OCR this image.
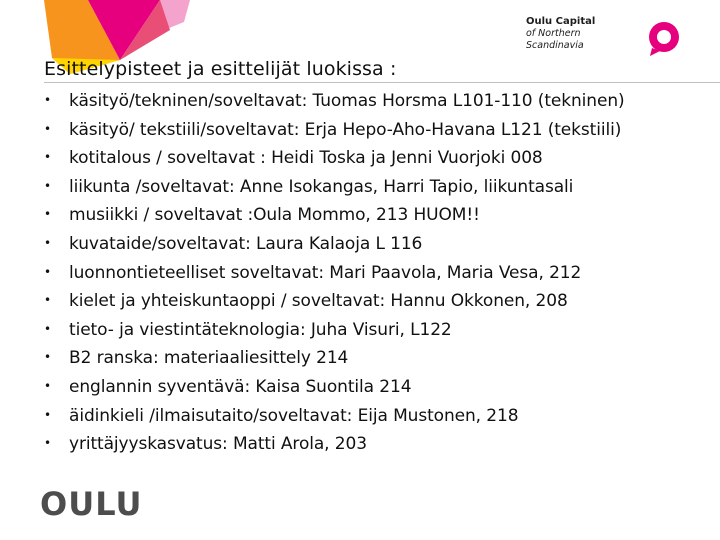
Oulu Capital
of Northern
Scandinavia
Esittelypisteet ja esittelijät luokissa :
•	käsityö/tekninen/soveltavat: Tuomas Horsma L101-110 (tekninen)
•	käsityö/ tekstiili/soveltavat: Erja Hepo-Aho-Havana L121 (tekstiili)
•	kotitalous / soveltavat : Heidi Toska ja Jenni Vuorjoki 008
•	liikunta /soveltavat: Anne Isokangas, Harri Tapio, liikuntasali
•	musiikki / soveltavat :Oula Mommo, 213 HUOM!!
•	kuvataide/soveltavat: Laura Kalaoja L 116
•	luonnontieteelliset soveltavat: Mari Paavola, Maria Vesa, 212
•	kielet ja yhteiskuntaoppi / soveltavat: Hannu Okkonen, 208
•	tieto- ja viestintäteknologia: Juha Visuri, L122
•	B2 ranska: materiaaliesittely 214
•	englannin syventävä: Kaisa Suontila 214
•	äidinkieli /ilmaisutaito/soveltavat: Eija Mustonen, 218
•	yrittäjyyskasvatus: Matti Arola, 203
OULU
